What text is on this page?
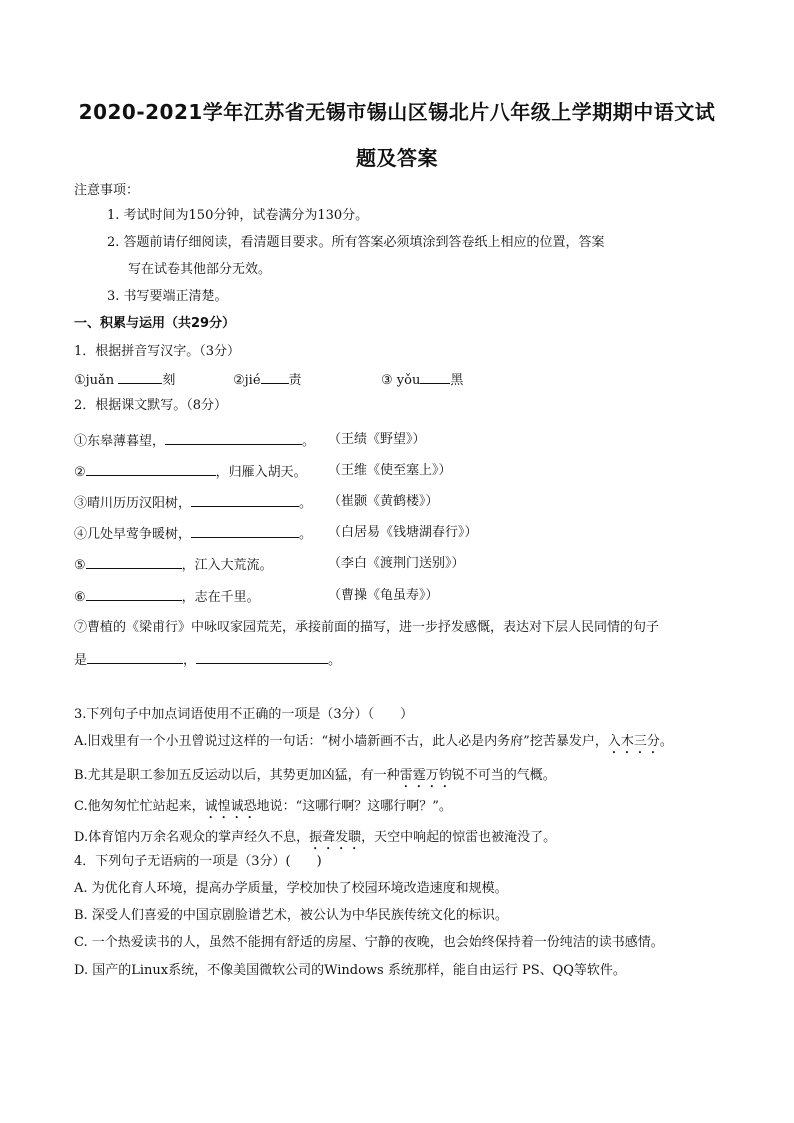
2020-2021学年江苏省无锡市锡山区锡北片八年级上学期期中语文试
题及答案
注意事项：
1. 考试时间为150分钟，试卷满分为130分。
2. 答题前请仔细阅读，看清题目要求。所有答案必须填涂到答卷纸上相应的位置，答案
写在试卷其他部分无效。
3. 书写要端正清楚。
一、积累与运用（共29分）
1．根据拼音写汉字。（3分）
①juǎn	刻	②jié 责	③ yǒu 黑
2．根据课文默写。（8分）
①东皋薄暮望，	。 （王绩《野望》）
②	，归雁入胡天。 （王维《使至塞上》）
③晴川历历汉阳树，	。 （崔颢《黄鹤楼》）
④几处早莺争暖树，	。 （白居易《钱塘湖春行》）
⑤	，江入大荒流。	（李白《渡荆门送别》）
⑥	，志在千里。	（曹操《龟虽寿》）
⑦曹植的《梁甫行》中咏叹家园荒芜，承接前面的描写，进一步抒发感慨，表达对下层人民同情的句子
是	，	。
3.下列句子中加点词语使用不正确的一项是（3分）（　　）
A.旧戏里有一个小丑曾说过这样的一句话：“树小墙新画不古，此人必是内务府”挖苦暴发户，入木三分。
B.尤其是职工参加五反运动以后，其势更加凶猛，有一种雷霆万钧锐不可当的气概。
C.他匆匆忙忙站起来，诚惶诚恐地说：“这哪行啊？这哪行啊？”。
D.体育馆内万余名观众的掌声经久不息，振聋发聩，天空中响起的惊雷也被淹没了。
4．下列句子无语病的一项是（3分）(　　)
A. 为优化育人环境，提高办学质量，学校加快了校园环境改造速度和规模。
B. 深受人们喜爱的中国京剧脸谱艺术，被公认为中华民族传统文化的标识。
C. 一个热爱读书的人，虽然不能拥有舒适的房屋、宁静的夜晚，也会始终保持着一份纯洁的读书感情。
D. 国产的Linux系统，不像美国微软公司的Windows 系统那样，能自由运行 PS、QQ等软件。
